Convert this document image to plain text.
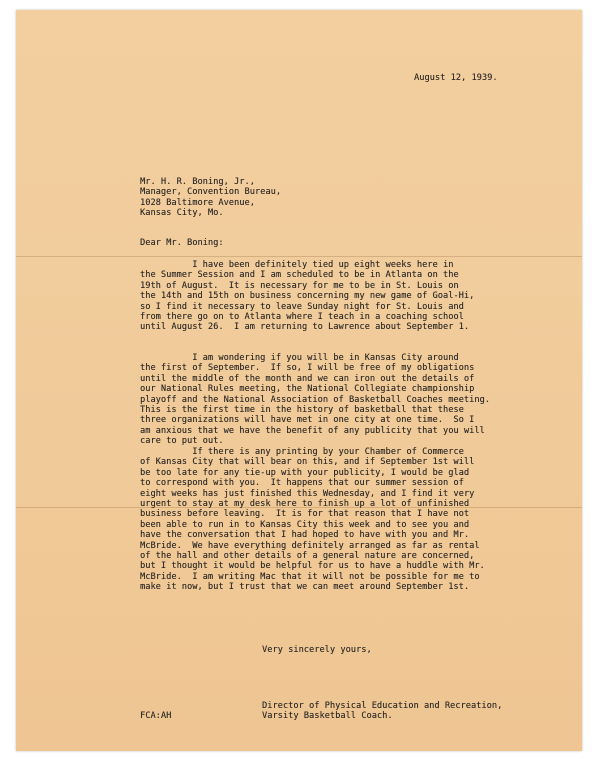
August 12, 1939.

Mr. H. R. Boning, Jr.,
Manager, Convention Bureau,
1028 Baltimore Avenue,
Kansas City, Mo.

Dear Mr. Boning:

I have been definitely tied up eight weeks here in
the Summer Session and I am scheduled to be in Atlanta on the
19th of August.  It is necessary for me to be in St. Louis on
the 14th and 15th on business concerning my new game of Goal-Hi,
so I find it necessary to leave Sunday night for St. Louis and
from there go on to Atlanta where I teach in a coaching school
until August 26.  I am returning to Lawrence about September 1.
I am wondering if you will be in Kansas City around
the first of September.  If so, I will be free of my obligations
until the middle of the month and we can iron out the details of
our National Rules meeting, the National Collegiate championship
playoff and the National Association of Basketball Coaches meeting.
This is the first time in the history of basketball that these
three organizations will have met in one city at one time.  So I
am anxious that we have the benefit of any publicity that you will
care to put out.
If there is any printing by your Chamber of Commerce
of Kansas City that will bear on this, and if September 1st will
be too late for any tie-up with your publicity, I would be glad
to correspond with you.  It happens that our summer session of
eight weeks has just finished this Wednesday, and I find it very
urgent to stay at my desk here to finish up a lot of unfinished
business before leaving.  It is for that reason that I have not
been able to run in to Kansas City this week and to see you and
have the conversation that I had hoped to have with you and Mr.
McBride.  We have everything definitely arranged as far as rental
of the hall and other details of a general nature are concerned,
but I thought it would be helpful for us to have a huddle with Mr.
McBride.  I am writing Mac that it will not be possible for me to
make it now, but I trust that we can meet around September 1st.

Very sincerely yours,

Director of Physical Education and Recreation,
Varsity Basketball Coach.

FCA:AH
